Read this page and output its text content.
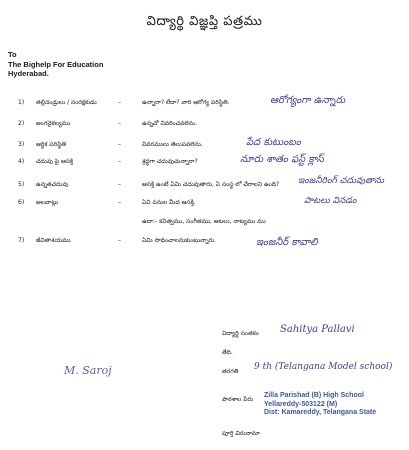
విద్యార్థి విజ్ఞప్తి పత్రము
To
The Bighelp For Education
Hyderabad.
1)	తల్లిదండ్రులు / సంరక్షకుడు	–	ఉన్నారా? లేదా? వారి ఆరోగ్య పరిస్థితి.	ఆరోగ్యంగా ఉన్నారు
2)	అంగవైకల్యము	–	ఉన్నచో వివరించవలెను.
3)	ఆర్థిక పరిస్థితి	–	వివరములు తెలుపవలెను.	పేద కుటుంబం
4)	చదువు పై ఆసక్తి	–	శ్రద్ధగా చదువుచున్నారా?	నూరు శాతం ఫస్ట్ క్లాస్
5)	ఉన్నతచదువు	–	ఆసక్తి ఉంటే ఏమి చదువుతారు, ఏ సంస్థ లో చేరాలని ఉంది? ఇంజనీరింగ్ చదువుతాను
6)	అలవాట్లు	–	ఏవి పనుల మీద ఆసక్తి.	పాటలు వినడం
ఉదా:- కవిత్వము, సంగీతము, ఆటలు, నాట్యము ము
7)	జీవితాశయము	–	ఏమి సాధించాలనుకుంటున్నారు.	ఇంజనీర్ కావాలి
విద్యార్థి సంతకం Sahitya Pallavi
తేది.
తరగతి 9 th (Telangana Model school)
పాఠశాల పేరు
పూర్తి చిరునామా
Zilla Parishad (B) High School
Yellareddy-503122 (M)
Dist: Kamareddy, Telangana State
M. Saroj
